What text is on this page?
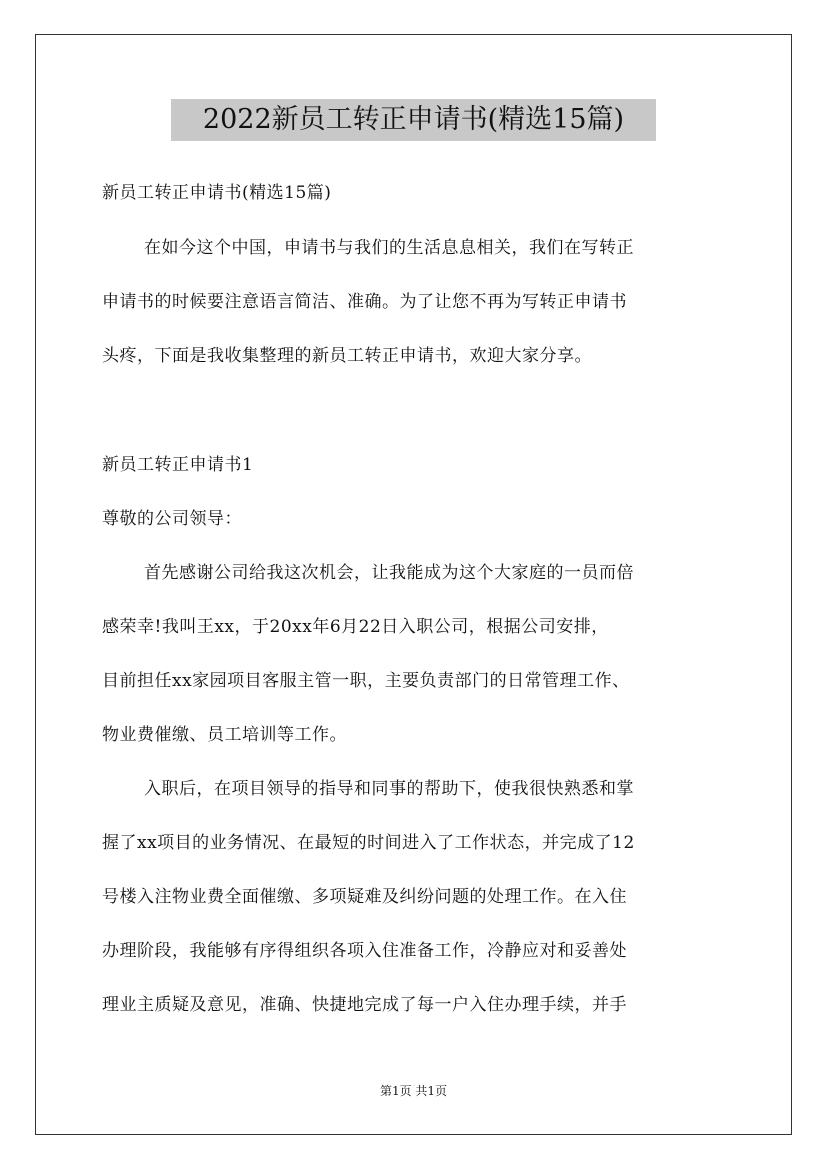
2022新员工转正申请书(精选15篇)
新员工转正申请书(精选15篇)
在如今这个中国，申请书与我们的生活息息相关，我们在写转正
申请书的时候要注意语言简洁、准确。为了让您不再为写转正申请书
头疼，下面是我收集整理的新员工转正申请书，欢迎大家分享。
新员工转正申请书1
尊敬的公司领导：
首先感谢公司给我这次机会，让我能成为这个大家庭的一员而倍
感荣幸!我叫王xx，于20xx年6月22日入职公司，根据公司安排，
目前担任xx家园项目客服主管一职，主要负责部门的日常管理工作、
物业费催缴、员工培训等工作。
入职后，在项目领导的指导和同事的帮助下，使我很快熟悉和掌
握了xx项目的业务情况、在最短的时间进入了工作状态，并完成了12
号楼入注物业费全面催缴、多项疑难及纠纷问题的处理工作。在入住
办理阶段，我能够有序得组织各项入住准备工作，冷静应对和妥善处
理业主质疑及意见，准确、快捷地完成了每一户入住办理手续，并手
第1页 共1页
